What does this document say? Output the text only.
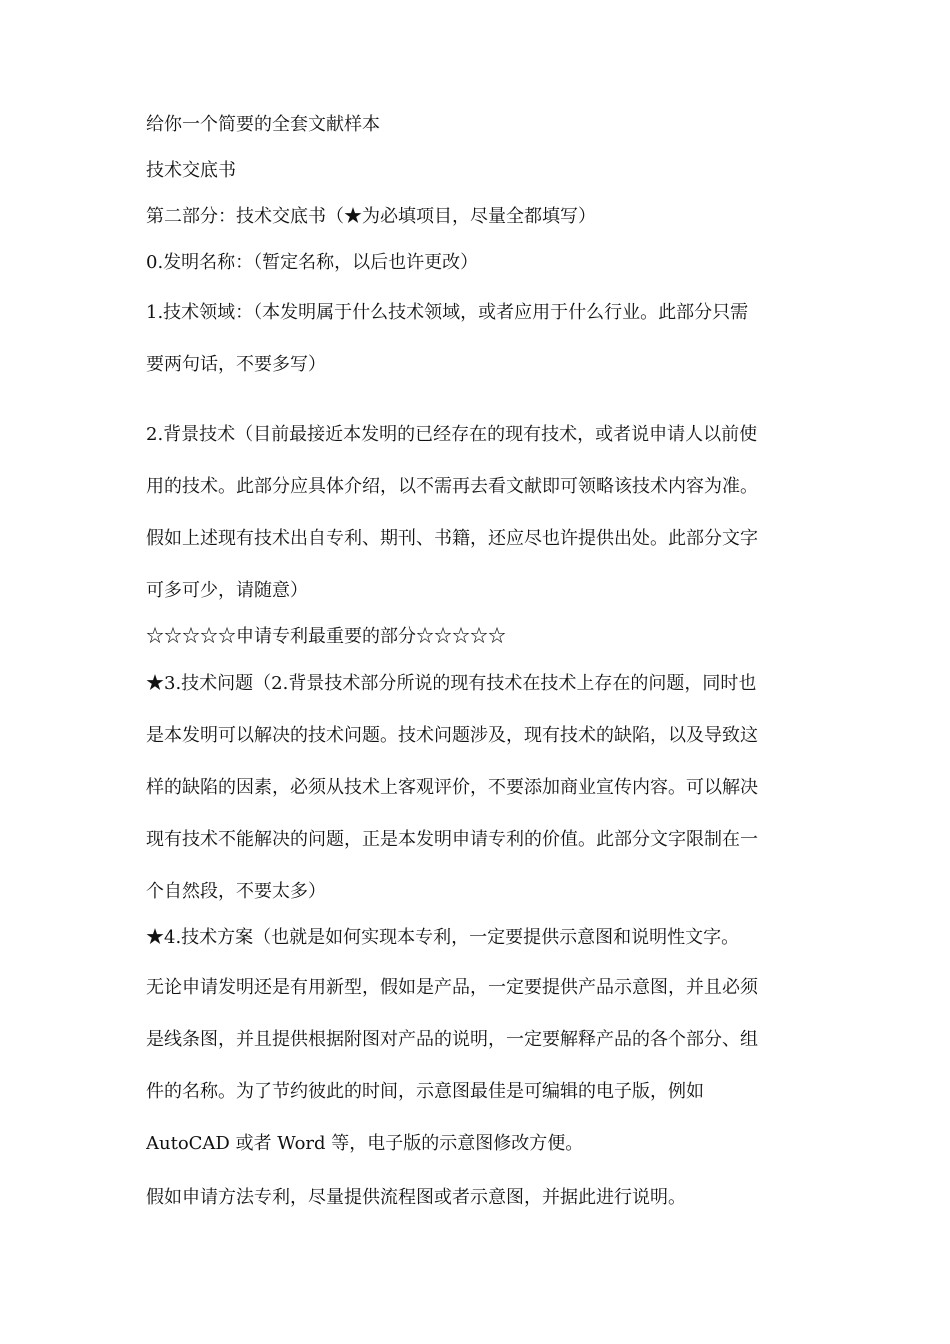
给你一个简要的全套文献样本
技术交底书
第二部分：技术交底书（★为必填项目，尽量全都填写）
0.发明名称：（暂定名称，以后也许更改）
1.技术领域：（本发明属于什么技术领域，或者应用于什么行业。此部分只需
要两句话，不要多写）
2.背景技术（目前最接近本发明的已经存在的现有技术，或者说申请人以前使
用的技术。此部分应具体介绍，以不需再去看文献即可领略该技术内容为准。
假如上述现有技术出自专利、期刊、书籍，还应尽也许提供出处。此部分文字
可多可少，请随意）
☆☆☆☆☆申请专利最重要的部分☆☆☆☆☆
★3.技术问题（2.背景技术部分所说的现有技术在技术上存在的问题，同时也
是本发明可以解决的技术问题。技术问题涉及，现有技术的缺陷，以及导致这
样的缺陷的因素，必须从技术上客观评价，不要添加商业宣传内容。可以解决
现有技术不能解决的问题，正是本发明申请专利的价值。此部分文字限制在一
个自然段，不要太多）
★4.技术方案（也就是如何实现本专利，一定要提供示意图和说明性文字。
无论申请发明还是有用新型，假如是产品，一定要提供产品示意图，并且必须
是线条图，并且提供根据附图对产品的说明，一定要解释产品的各个部分、组
件的名称。为了节约彼此的时间，示意图最佳是可编辑的电子版，例如
AutoCAD 或者 Word 等，电子版的示意图修改方便。
假如申请方法专利，尽量提供流程图或者示意图，并据此进行说明。
